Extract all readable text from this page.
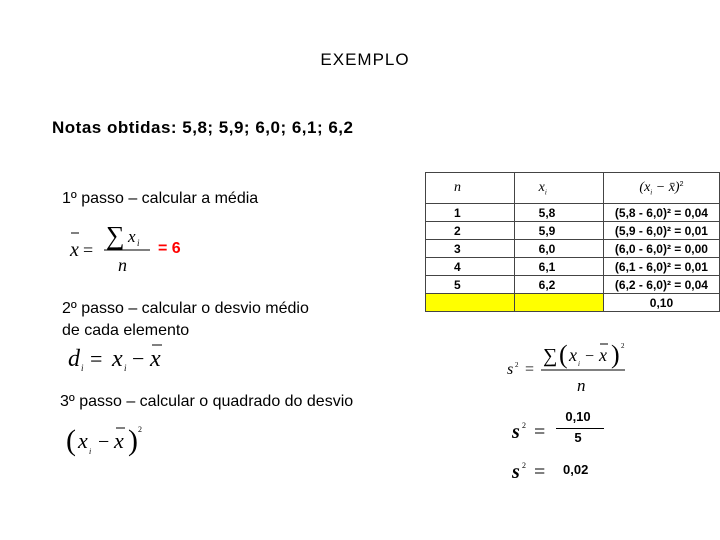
EXEMPLO
Notas obtidas: 5,8; 5,9; 6,0; 6,1; 6,2
1º passo – calcular a média
x = ∑ x i
n
= 6
2º passo – calcular o desvio médio
de cada elemento
d i = x i − x
3º passo – calcular o quadrado do desvio
( x i − x ) 2
n	$x_i$	($x_i$ − x̄)$^2$
1	5,8	(5,8 - 6,0)² = 0,04
2	5,9	(5,9 - 6,0)² = 0,01
3	6,0	(6,0 - 6,0)² = 0,00
4	6,1	(6,1 - 6,0)² = 0,01
5	6,2	(6,2 - 6,0)² = 0,04
		0,10
s 2 =
∑ ( x i − x ) 2
n
s 2 =
0,10
5
s 2 = 0,02
